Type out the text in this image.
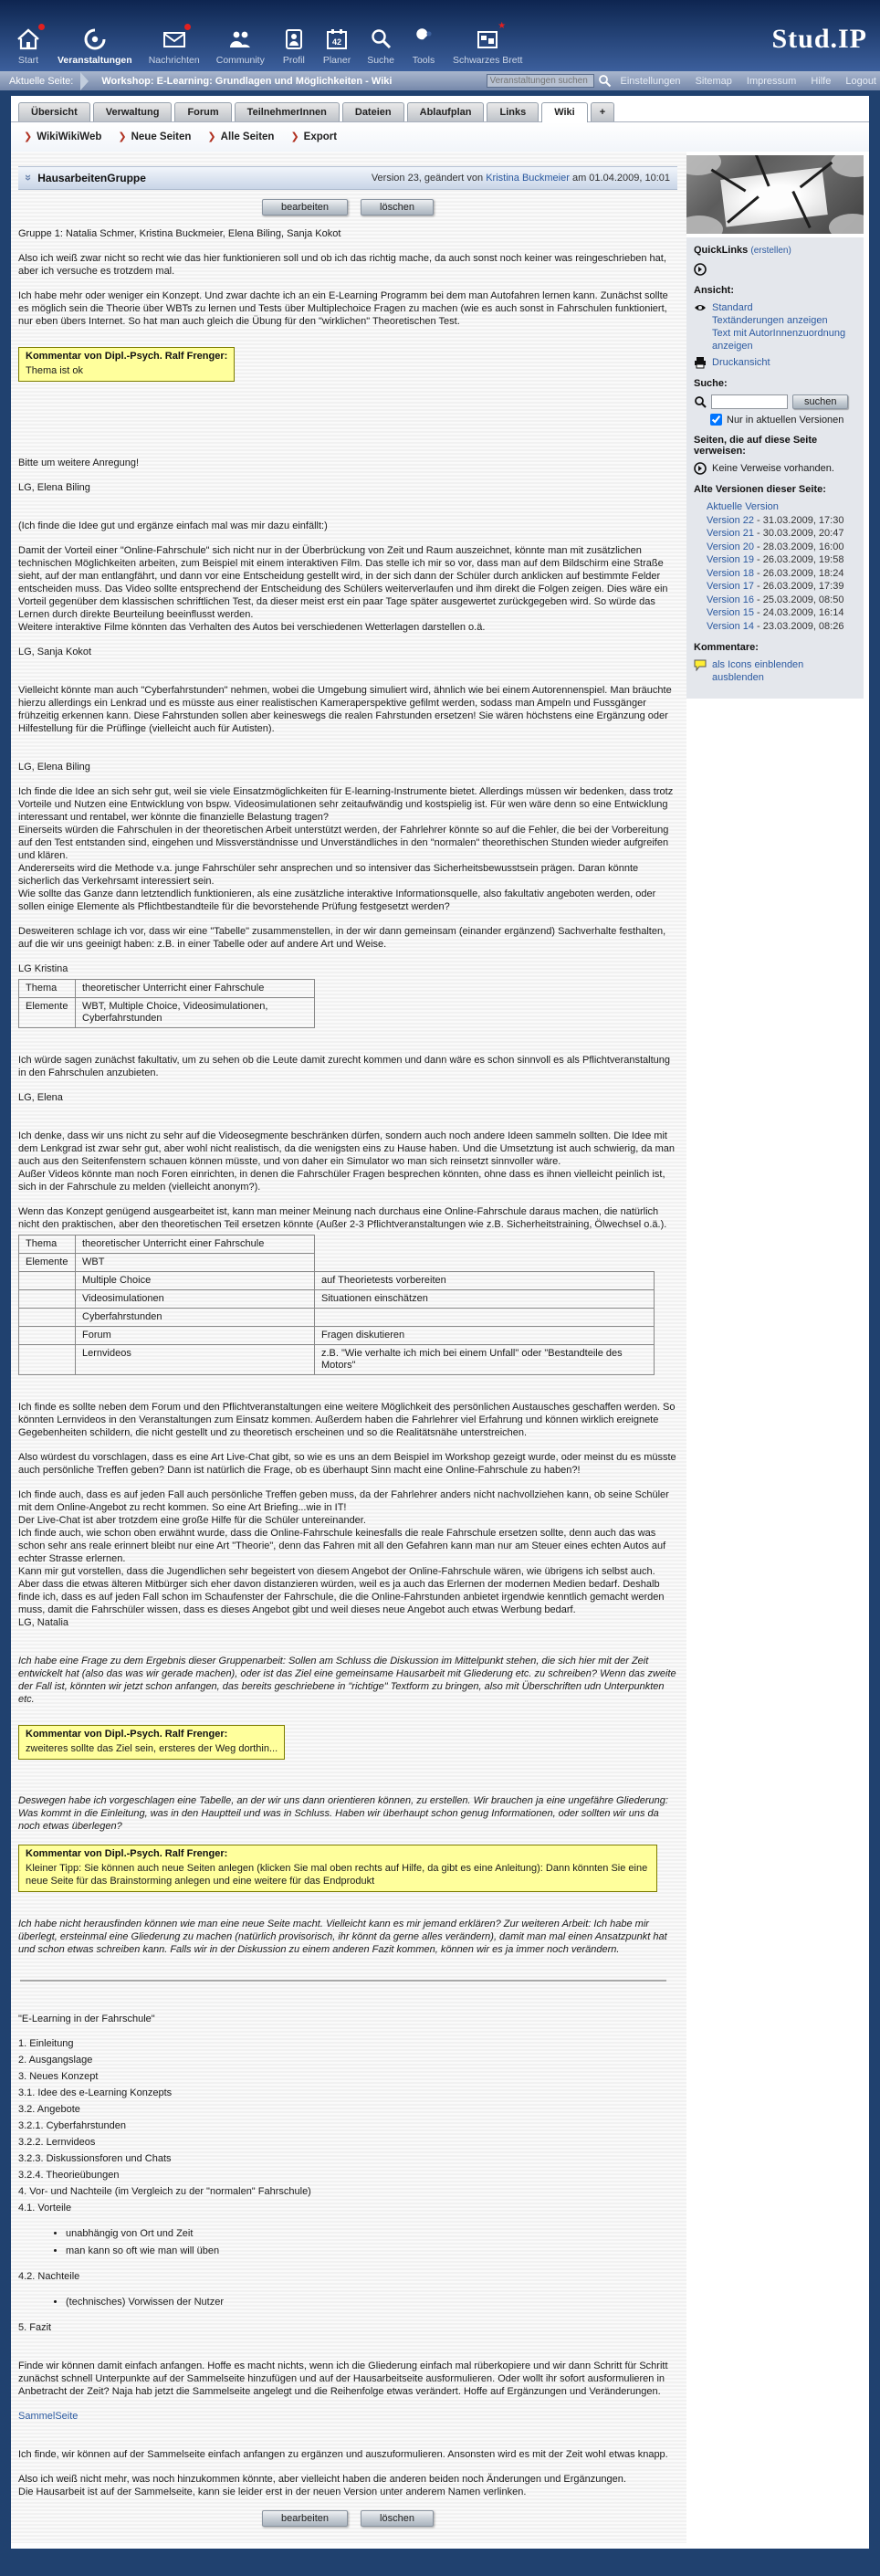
Start Veranstaltungen Nachrichten Community Profil
42
Planer Suche Tools
★
Schwarzes Brett
Stud.IP
Aktuelle Seite:	Workshop: E-Learning: Grundlagen und Möglichkeiten - Wiki
Veranstaltungen suchen	Einstellungen Sitemap Impressum Hilfe Logout
Übersicht	Verwaltung	Forum	TeilnehmerInnen	Dateien	Ablaufplan	Links	Wiki	+
❯ WikiWikiWeb ❯ Neue Seiten ❯ Alle Seiten ❯ Export
» HausarbeitenGruppe	Version 23, geändert von Kristina Buckmeier am 01.04.2009, 10:01
bearbeiten	löschen

Gruppe 1: Natalia Schmer, Kristina Buckmeier, Elena Biling, Sanja Kokot

Also ich weiß zwar nicht so recht wie das hier funktionieren soll und ob ich das richtig mache, da auch sonst noch keiner was reingeschrieben hat, aber ich versuche es trotzdem mal.

Ich habe mehr oder weniger ein Konzept. Und zwar dachte ich an ein E-Learning Programm bei dem man Autofahren lernen kann. Zunächst sollte es möglich sein die Theorie über WBTs zu lernen und Tests über Multiplechoice Fragen zu machen (wie es auch sonst in Fahrschulen funktioniert, nur eben übers Internet. So hat man auch gleich die Übung für den "wirklichen" Theoretischen Test.

Kommentar von Dipl.-Psych. Ralf Frenger:
Thema ist ok

Bitte um weitere Anregung!

LG, Elena Biling

(Ich finde die Idee gut und ergänze einfach mal was mir dazu einfällt:)

Damit der Vorteil einer "Online-Fahrschule" sich nicht nur in der Überbrückung von Zeit und Raum auszeichnet, könnte man mit zusätzlichen technischen Möglichkeiten arbeiten, zum Beispiel mit einem interaktiven Film. Das stelle ich mir so vor, dass man auf dem Bildschirm eine Straße sieht, auf der man entlangfährt, und dann vor eine Entscheidung gestellt wird, in der sich dann der Schüler durch anklicken auf bestimmte Felder entscheiden muss. Das Video sollte entsprechend der Entscheidung des Schülers weiterverlaufen und ihm direkt die Folgen zeigen. Dies wäre ein Vorteil gegenüber dem klassischen schriftlichen Test, da dieser meist erst ein paar Tage später ausgewertet zurückgegeben wird. So würde das Lernen durch direkte Beurteilung beeinflusst werden.
Weitere interaktive Filme könnten das Verhalten des Autos bei verschiedenen Wetterlagen darstellen o.ä.

LG, Sanja Kokot

Vielleicht könnte man auch "Cyberfahrstunden" nehmen, wobei die Umgebung simuliert wird, ähnlich wie bei einem Autorennenspiel. Man bräuchte hierzu allerdings ein Lenkrad und es müsste aus einer realistischen Kameraperspektive gefilmt werden, sodass man Ampeln und Fussgänger frühzeitig erkennen kann. Diese Fahrstunden sollen aber keineswegs die realen Fahrstunden ersetzen! Sie wären höchstens eine Ergänzung oder Hilfestellung für die Prüflinge (vielleicht auch für Autisten).

LG, Elena Biling

Ich finde die Idee an sich sehr gut, weil sie viele Einsatzmöglichkeiten für E-learning-Instrumente bietet. Allerdings müssen wir bedenken, dass trotz Vorteile und Nutzen eine Entwicklung von bspw. Videosimulationen sehr zeitaufwändig und kostspielig ist. Für wen wäre denn so eine Entwicklung interessant und rentabel, wer könnte die finanzielle Belastung tragen?
Einerseits würden die Fahrschulen in der theoretischen Arbeit unterstützt werden, der Fahrlehrer könnte so auf die Fehler, die bei der Vorbereitung auf den Test entstanden sind, eingehen und Missverständnisse und Unverständliches in den "normalen" theorethischen Stunden wieder aufgreifen und klären.
Andererseits wird die Methode v.a. junge Fahrschüler sehr ansprechen und so intensiver das Sicherheitsbewusstsein prägen. Daran könnte sicherlich das Verkehrsamt interessiert sein.
Wie sollte das Ganze dann letztendlich funktionieren, als eine zusätzliche interaktive Informationsquelle, also fakultativ angeboten werden, oder sollen einige Elemente als Pflichtbestandteile für die bevorstehende Prüfung festgesetzt werden?

Desweiteren schlage ich vor, dass wir eine "Tabelle" zusammenstellen, in der wir dann gemeinsam (einander ergänzend) Sachverhalte festhalten, auf die wir uns geeinigt haben: z.B. in einer Tabelle oder auf andere Art und Weise.

LG Kristina

Thema	theoretischer Unterricht einer Fahrschule
Elemente	WBT, Multiple Choice, Videosimulationen, Cyberfahrstunden

Ich würde sagen zunächst fakultativ, um zu sehen ob die Leute damit zurecht kommen und dann wäre es schon sinnvoll es als Pflichtveranstaltung in den Fahrschulen anzubieten.

LG, Elena

Ich denke, dass wir uns nicht zu sehr auf die Videosegmente beschränken dürfen, sondern auch noch andere Ideen sammeln sollten. Die Idee mit dem Lenkgrad ist zwar sehr gut, aber wohl nicht realistisch, da die wenigsten eins zu Hause haben. Und die Umsetztung ist auch schwierig, da man auch aus den Seitenfenstern schauen können müsste, und von daher ein Simulator wo man sich reinsetzt sinnvoller wäre.
Außer Videos könnte man noch Foren einrichten, in denen die Fahrschüler Fragen besprechen könnten, ohne dass es ihnen vielleicht peinlich ist, sich in der Fahrschule zu melden (vielleicht anonym?).

Wenn das Konzept genügend ausgearbeitet ist, kann man meiner Meinung nach durchaus eine Online-Fahrschule daraus machen, die natürlich nicht den praktischen, aber den theoretischen Teil ersetzen könnte (Außer 2-3 Pflichtveranstaltungen wie z.B. Sicherheitstraining, Ölwechsel o.ä.).

Thema	theoretischer Unterricht einer Fahrschule	
Elemente	WBT	
	Multiple Choice	auf Theorietests vorbereiten
	Videosimulationen	Situationen einschätzen
	Cyberfahrstunden	
	Forum	Fragen diskutieren
	Lernvideos	z.B. "Wie verhalte ich mich bei einem Unfall" oder "Bestandteile des Motors"

Ich finde es sollte neben dem Forum und den Pflichtveranstaltungen eine weitere Möglichkeit des persönlichen Austausches geschaffen werden. So könnten Lernvideos in den Veranstaltungen zum Einsatz kommen. Außerdem haben die Fahrlehrer viel Erfahrung und können wirklich ereignete Gegebenheiten schildern, die nicht gestellt und zu theoretisch erscheinen und so die Realitätsnähe unterstreichen.

Also würdest du vorschlagen, dass es eine Art Live-Chat gibt, so wie es uns an dem Beispiel im Workshop gezeigt wurde, oder meinst du es müsste auch persönliche Treffen geben? Dann ist natürlich die Frage, ob es überhaupt Sinn macht eine Online-Fahrschule zu haben?!

Ich finde auch, dass es auf jeden Fall auch persönliche Treffen geben muss, da der Fahrlehrer anders nicht nachvollziehen kann, ob seine Schüler mit dem Online-Angebot zu recht kommen. So eine Art Briefing...wie in IT!
Der Live-Chat ist aber trotzdem eine große Hilfe für die Schüler untereinander.
Ich finde auch, wie schon oben erwähnt wurde, dass die Online-Fahrschule keinesfalls die reale Fahrschule ersetzen sollte, denn auch das was schon sehr ans reale erinnert bleibt nur eine Art "Theorie", denn das Fahren mit all den Gefahren kann man nur am Steuer eines echten Autos auf echter Strasse erlernen.
Kann mir gut vorstellen, dass die Jugendlichen sehr begeistert von diesem Angebot der Online-Fahrschule wären, wie übrigens ich selbst auch. Aber dass die etwas älteren Mitbürger sich eher davon distanzieren würden, weil es ja auch das Erlernen der modernen Medien bedarf. Deshalb finde ich, dass es auf jeden Fall schon im Schaufenster der Fahrschule, die die Online-Fahrstunden anbietet irgendwie kenntlich gemacht werden muss, damit die Fahrschüler wissen, dass es dieses Angebot gibt und weil dieses neue Angebot auch etwas Werbung bedarf.
LG, Natalia

Ich habe eine Frage zu dem Ergebnis dieser Gruppenarbeit: Sollen am Schluss die Diskussion im Mittelpunkt stehen, die sich hier mit der Zeit entwickelt hat (also das was wir gerade machen), oder ist das Ziel eine gemeinsame Hausarbeit mit Gliederung etc. zu schreiben? Wenn das zweite der Fall ist, könnten wir jetzt schon anfangen, das bereits geschriebene in "richtige" Textform zu bringen, also mit Überschriften udn Unterpunkten etc.

Kommentar von Dipl.-Psych. Ralf Frenger:
zweiteres sollte das Ziel sein, ersteres der Weg dorthin...

Deswegen habe ich vorgeschlagen eine Tabelle, an der wir uns dann orientieren können, zu erstellen. Wir brauchen ja eine ungefähre Gliederung: Was kommt in die Einleitung, was in den Hauptteil und was in Schluss. Haben wir überhaupt schon genug Informationen, oder sollten wir uns da noch etwas überlegen?

Kommentar von Dipl.-Psych. Ralf Frenger:
Kleiner Tipp: Sie können auch neue Seiten anlegen (klicken Sie mal oben rechts auf Hilfe, da gibt es eine Anleitung): Dann könnten Sie eine neue Seite für das Brainstorming anlegen und eine weitere für das Endprodukt

Ich habe nicht herausfinden können wie man eine neue Seite macht. Vielleicht kann es mir jemand erklären? Zur weiteren Arbeit: Ich habe mir überlegt, ersteinmal eine Gliederung zu machen (natürlich provisorisch, ihr könnt da gerne alles verändern), damit man mal einen Ansatzpunkt hat und schon etwas schreiben kann. Falls wir in der Diskussion zu einem anderen Fazit kommen, können wir es ja immer noch verändern.

"E-Learning in der Fahrschule"

1. Einleitung
2. Ausgangslage
3. Neues Konzept
3.1. Idee des e-Learning Konzepts
3.2. Angebote
3.2.1. Cyberfahrstunden
3.2.2. Lernvideos
3.2.3. Diskussionsforen und Chats
3.2.4. Theorieübungen
4. Vor- und Nachteile (im Vergleich zu der "normalen" Fahrschule)
4.1. Vorteile
• unabhängig von Ort und Zeit
• man kann so oft wie man will üben

4.2. Nachteile

• (technisches) Vorwissen der Nutzer

5. Fazit

Finde wir können damit einfach anfangen. Hoffe es macht nichts, wenn ich die Gliederung einfach mal rüberkopiere und wir dann Schritt für Schritt zunächst schnell Unterpunkte auf der Sammelseite hinzufügen und auf der Hausarbeitseite ausformulieren. Oder wollt ihr sofort ausformulieren in Anbetracht der Zeit? Naja hab jetzt die Sammelseite angelegt und die Reihenfolge etwas verändert. Hoffe auf Ergänzungen und Veränderungen.

SammelSeite

Ich finde, wir können auf der Sammelseite einfach anfangen zu ergänzen und auszuformulieren. Ansonsten wird es mit der Zeit wohl etwas knapp.

Also ich weiß nicht mehr, was noch hinzukommen könnte, aber vielleicht haben die anderen beiden noch Änderungen und Ergänzungen.
Die Hausarbeit ist auf der Sammelseite, kann sie leider erst in der neuen Version unter anderem Namen verlinken.

bearbeiten	löschen
QuickLinks (erstellen)
Ansicht:
Standard
Textänderungen anzeigen
Text mit AutorInnenzuordnung anzeigen
Druckansicht
Suche:
suchen
Nur in aktuellen Versionen
Seiten, die auf diese Seite verweisen:
Keine Verweise vorhanden.
Alte Versionen dieser Seite:
Aktuelle Version
Version 22 - 31.03.2009, 17:30
Version 21 - 30.03.2009, 20:47
Version 20 - 28.03.2009, 16:00
Version 19 - 26.03.2009, 19:58
Version 18 - 26.03.2009, 18:24
Version 17 - 26.03.2009, 17:39
Version 16 - 25.03.2009, 08:50
Version 15 - 24.03.2009, 16:14
Version 14 - 23.03.2009, 08:26
Kommentare:
als Icons einblenden
ausblenden
